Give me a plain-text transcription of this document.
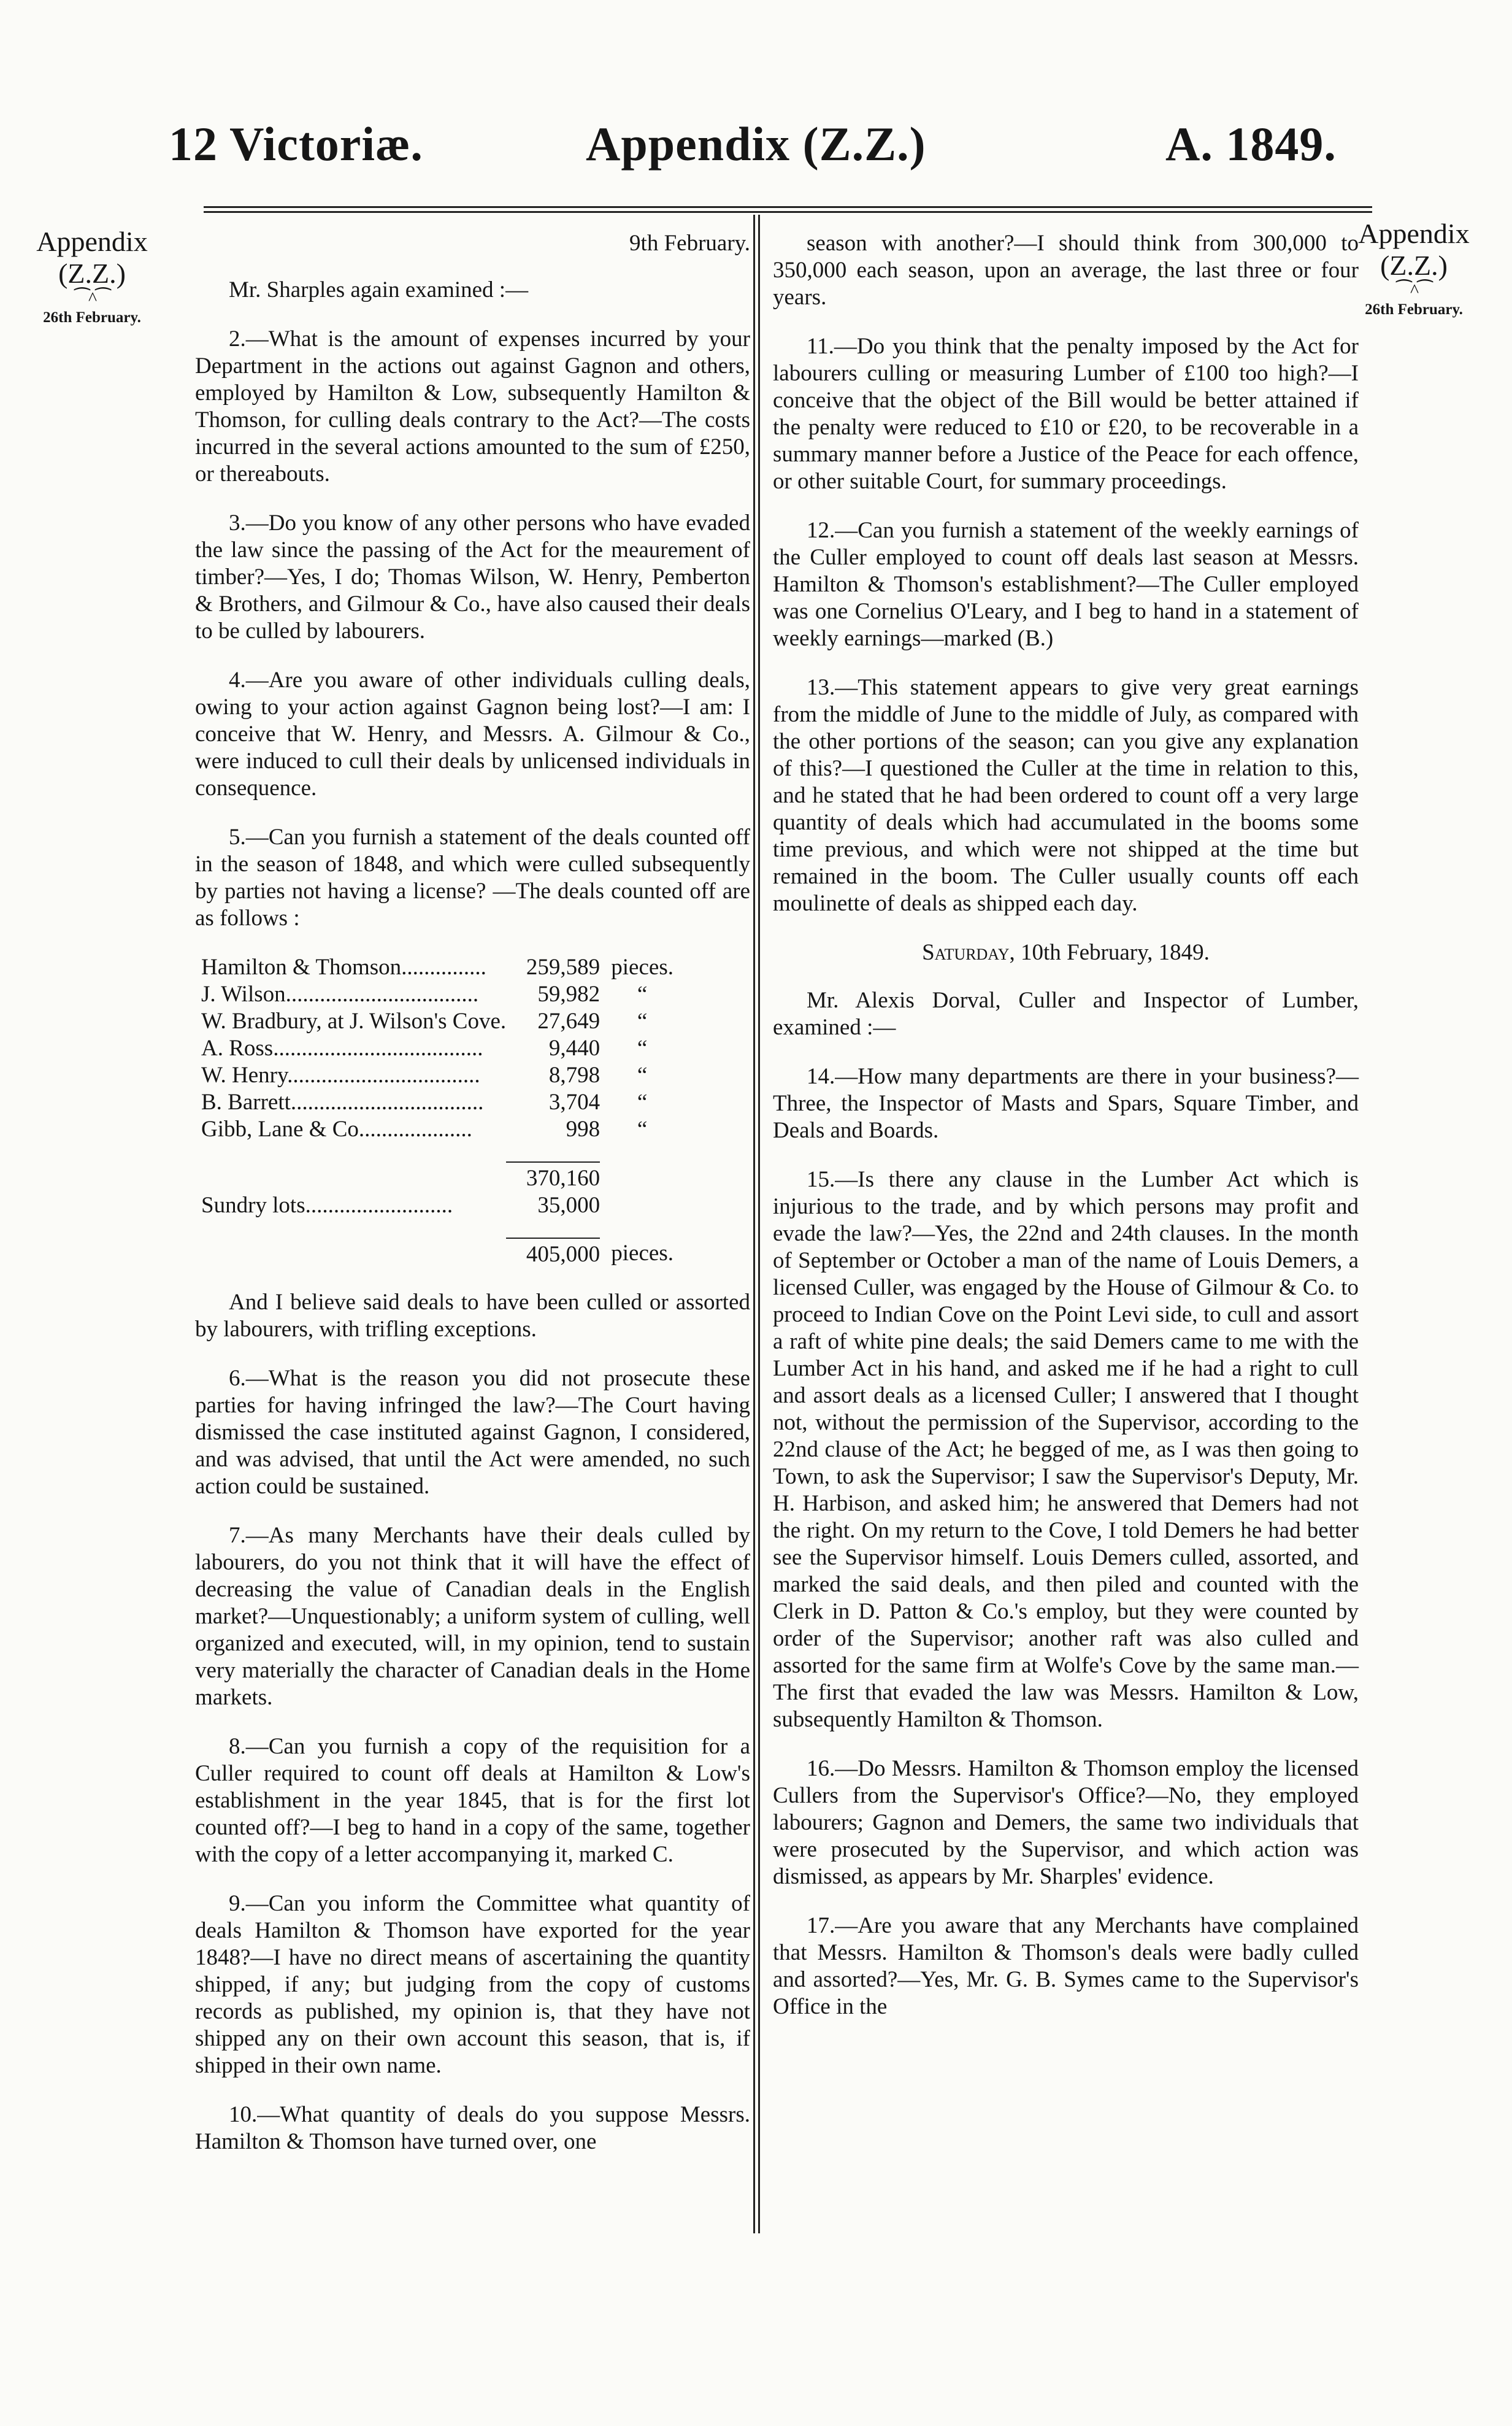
12 Victoriæ.	Appendix (Z.Z.)	A. 1849.
Appendix
(Z.Z.)
⁀^⁀
26th February.
Appendix
(Z.Z.)
⁀^⁀
26th February.
9th February.

Mr. Sharples again examined :—

2.—What is the amount of expenses incurred by your Department in the actions out against Gagnon and others, employed by Hamilton & Low, subsequently Hamilton & Thomson, for culling deals contrary to the Act?—The costs incurred in the several actions amounted to the sum of £250, or thereabouts.

3.—Do you know of any other persons who have evaded the law since the passing of the Act for the meaurement of timber?—Yes, I do; Thomas Wilson, W. Henry, Pemberton & Brothers, and Gilmour & Co., have also caused their deals to be culled by labourers.

4.—Are you aware of other individuals culling deals, owing to your action against Gagnon being lost?—I am: I conceive that W. Henry, and Messrs. A. Gilmour & Co., were induced to cull their deals by unlicensed individuals in consequence.

5.—Can you furnish a statement of the deals counted off in the season of 1848, and which were culled subsequently by parties not having a license? —The deals counted off are as follows :

Hamilton & Thomson...............	259,589	pieces.
J. Wilson..................................	59,982	“
W. Bradbury, at J. Wilson's Cove.	27,649	“
A. Ross.....................................	9,440	“
W. Henry..................................	8,798	“
B. Barrett..................................	3,704	“
Gibb, Lane & Co....................	998	“

	370,160	
Sundry lots..........................	35,000	

	405,000	pieces.

And I believe said deals to have been culled or assorted by labourers, with trifling exceptions.

6.—What is the reason you did not prosecute these parties for having infringed the law?—The Court having dismissed the case instituted against Gagnon, I considered, and was advised, that until the Act were amended, no such action could be sustained.

7.—As many Merchants have their deals culled by labourers, do you not think that it will have the effect of decreasing the value of Canadian deals in the English market?—Unquestionably; a uniform system of culling, well organized and executed, will, in my opinion, tend to sustain very materially the character of Canadian deals in the Home markets.

8.—Can you furnish a copy of the requisition for a Culler required to count off deals at Hamilton & Low's establishment in the year 1845, that is for the first lot counted off?—I beg to hand in a copy of the same, together with the copy of a letter accompanying it, marked C.

9.—Can you inform the Committee what quantity of deals Hamilton & Thomson have exported for the year 1848?—I have no direct means of ascertaining the quantity shipped, if any; but judging from the copy of customs records as published, my opinion is, that they have not shipped any on their own account this season, that is, if shipped in their own name.

10.—What quantity of deals do you suppose Messrs. Hamilton & Thomson have turned over, one

season with another?—I should think from 300,000 to 350,000 each season, upon an average, the last three or four years.

11.—Do you think that the penalty imposed by the Act for labourers culling or measuring Lumber of £100 too high?—I conceive that the object of the Bill would be better attained if the penalty were reduced to £10 or £20, to be recoverable in a summary manner before a Justice of the Peace for each offence, or other suitable Court, for summary proceedings.

12.—Can you furnish a statement of the weekly earnings of the Culler employed to count off deals last season at Messrs. Hamilton & Thomson's establishment?—The Culler employed was one Cornelius O'Leary, and I beg to hand in a statement of weekly earnings—marked (B.)

13.—This statement appears to give very great earnings from the middle of June to the middle of July, as compared with the other portions of the season; can you give any explanation of this?—I questioned the Culler at the time in relation to this, and he stated that he had been ordered to count off a very large quantity of deals which had accumulated in the booms some time previous, and which were not shipped at the time but remained in the boom. The Culler usually counts off each moulinette of deals as shipped each day.

Saturday, 10th February, 1849.

Mr. Alexis Dorval, Culler and Inspector of Lumber, examined :—

14.—How many departments are there in your business?—Three, the Inspector of Masts and Spars, Square Timber, and Deals and Boards.

15.—Is there any clause in the Lumber Act which is injurious to the trade, and by which persons may profit and evade the law?—Yes, the 22nd and 24th clauses. In the month of September or October a man of the name of Louis Demers, a licensed Culler, was engaged by the House of Gilmour & Co. to proceed to Indian Cove on the Point Levi side, to cull and assort a raft of white pine deals; the said Demers came to me with the Lumber Act in his hand, and asked me if he had a right to cull and assort deals as a licensed Culler; I answered that I thought not, without the permission of the Supervisor, according to the 22nd clause of the Act; he begged of me, as I was then going to Town, to ask the Supervisor; I saw the Supervisor's Deputy, Mr. H. Harbison, and asked him; he answered that Demers had not the right. On my return to the Cove, I told Demers he had better see the Supervisor himself. Louis Demers culled, assorted, and marked the said deals, and then piled and counted with the Clerk in D. Patton & Co.'s employ, but they were counted by order of the Supervisor; another raft was also culled and assorted for the same firm at Wolfe's Cove by the same man.—The first that evaded the law was Messrs. Hamilton & Low, subsequently Hamilton & Thomson.

16.—Do Messrs. Hamilton & Thomson employ the licensed Cullers from the Supervisor's Office?—No, they employed labourers; Gagnon and Demers, the same two individuals that were prosecuted by the Supervisor, and which action was dismissed, as appears by Mr. Sharples' evidence.

17.—Are you aware that any Merchants have complained that Messrs. Hamilton & Thomson's deals were badly culled and assorted?—Yes, Mr. G. B. Symes came to the Supervisor's Office in the
